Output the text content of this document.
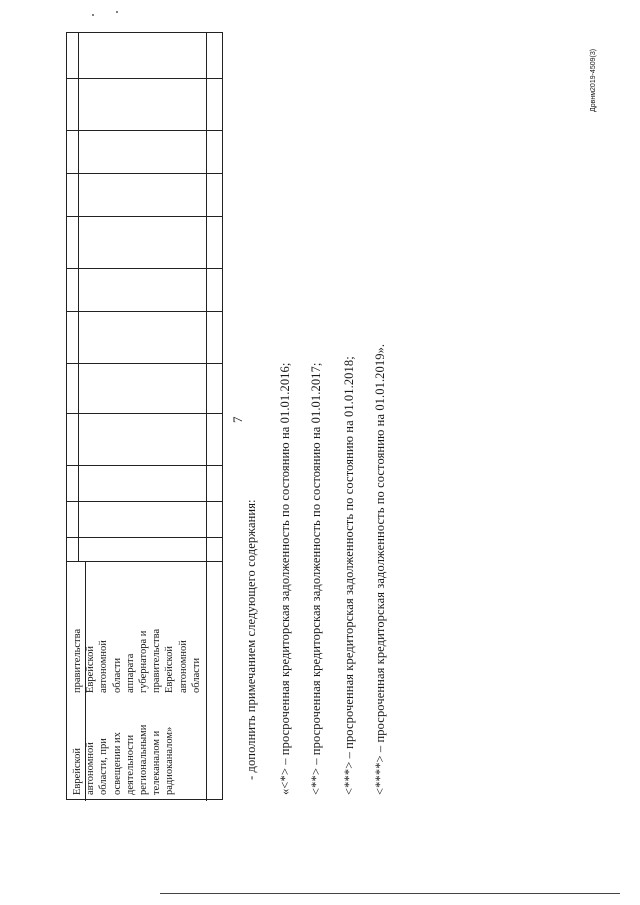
Еврейской автономной области, при освещении их деятельности региональными телеканалом и радиоканалом»
правительства Еврейской автономной области аппарата губернатора и правительства Еврейской автономной области
7
- дополнить примечанием следующего содержания: «<*> – просроченная кредиторская задолженность по состоянию на 01.01.2016; <**> – просроченная кредиторская задолженность по состоянию на 01.01.2017; <***> – просроченная кредиторская задолженность по состоянию на 01.01.2018; <****> – просроченная кредиторская задолженность по состоянию на 01.01.2019».
Дрвнм2019-4509(3)
